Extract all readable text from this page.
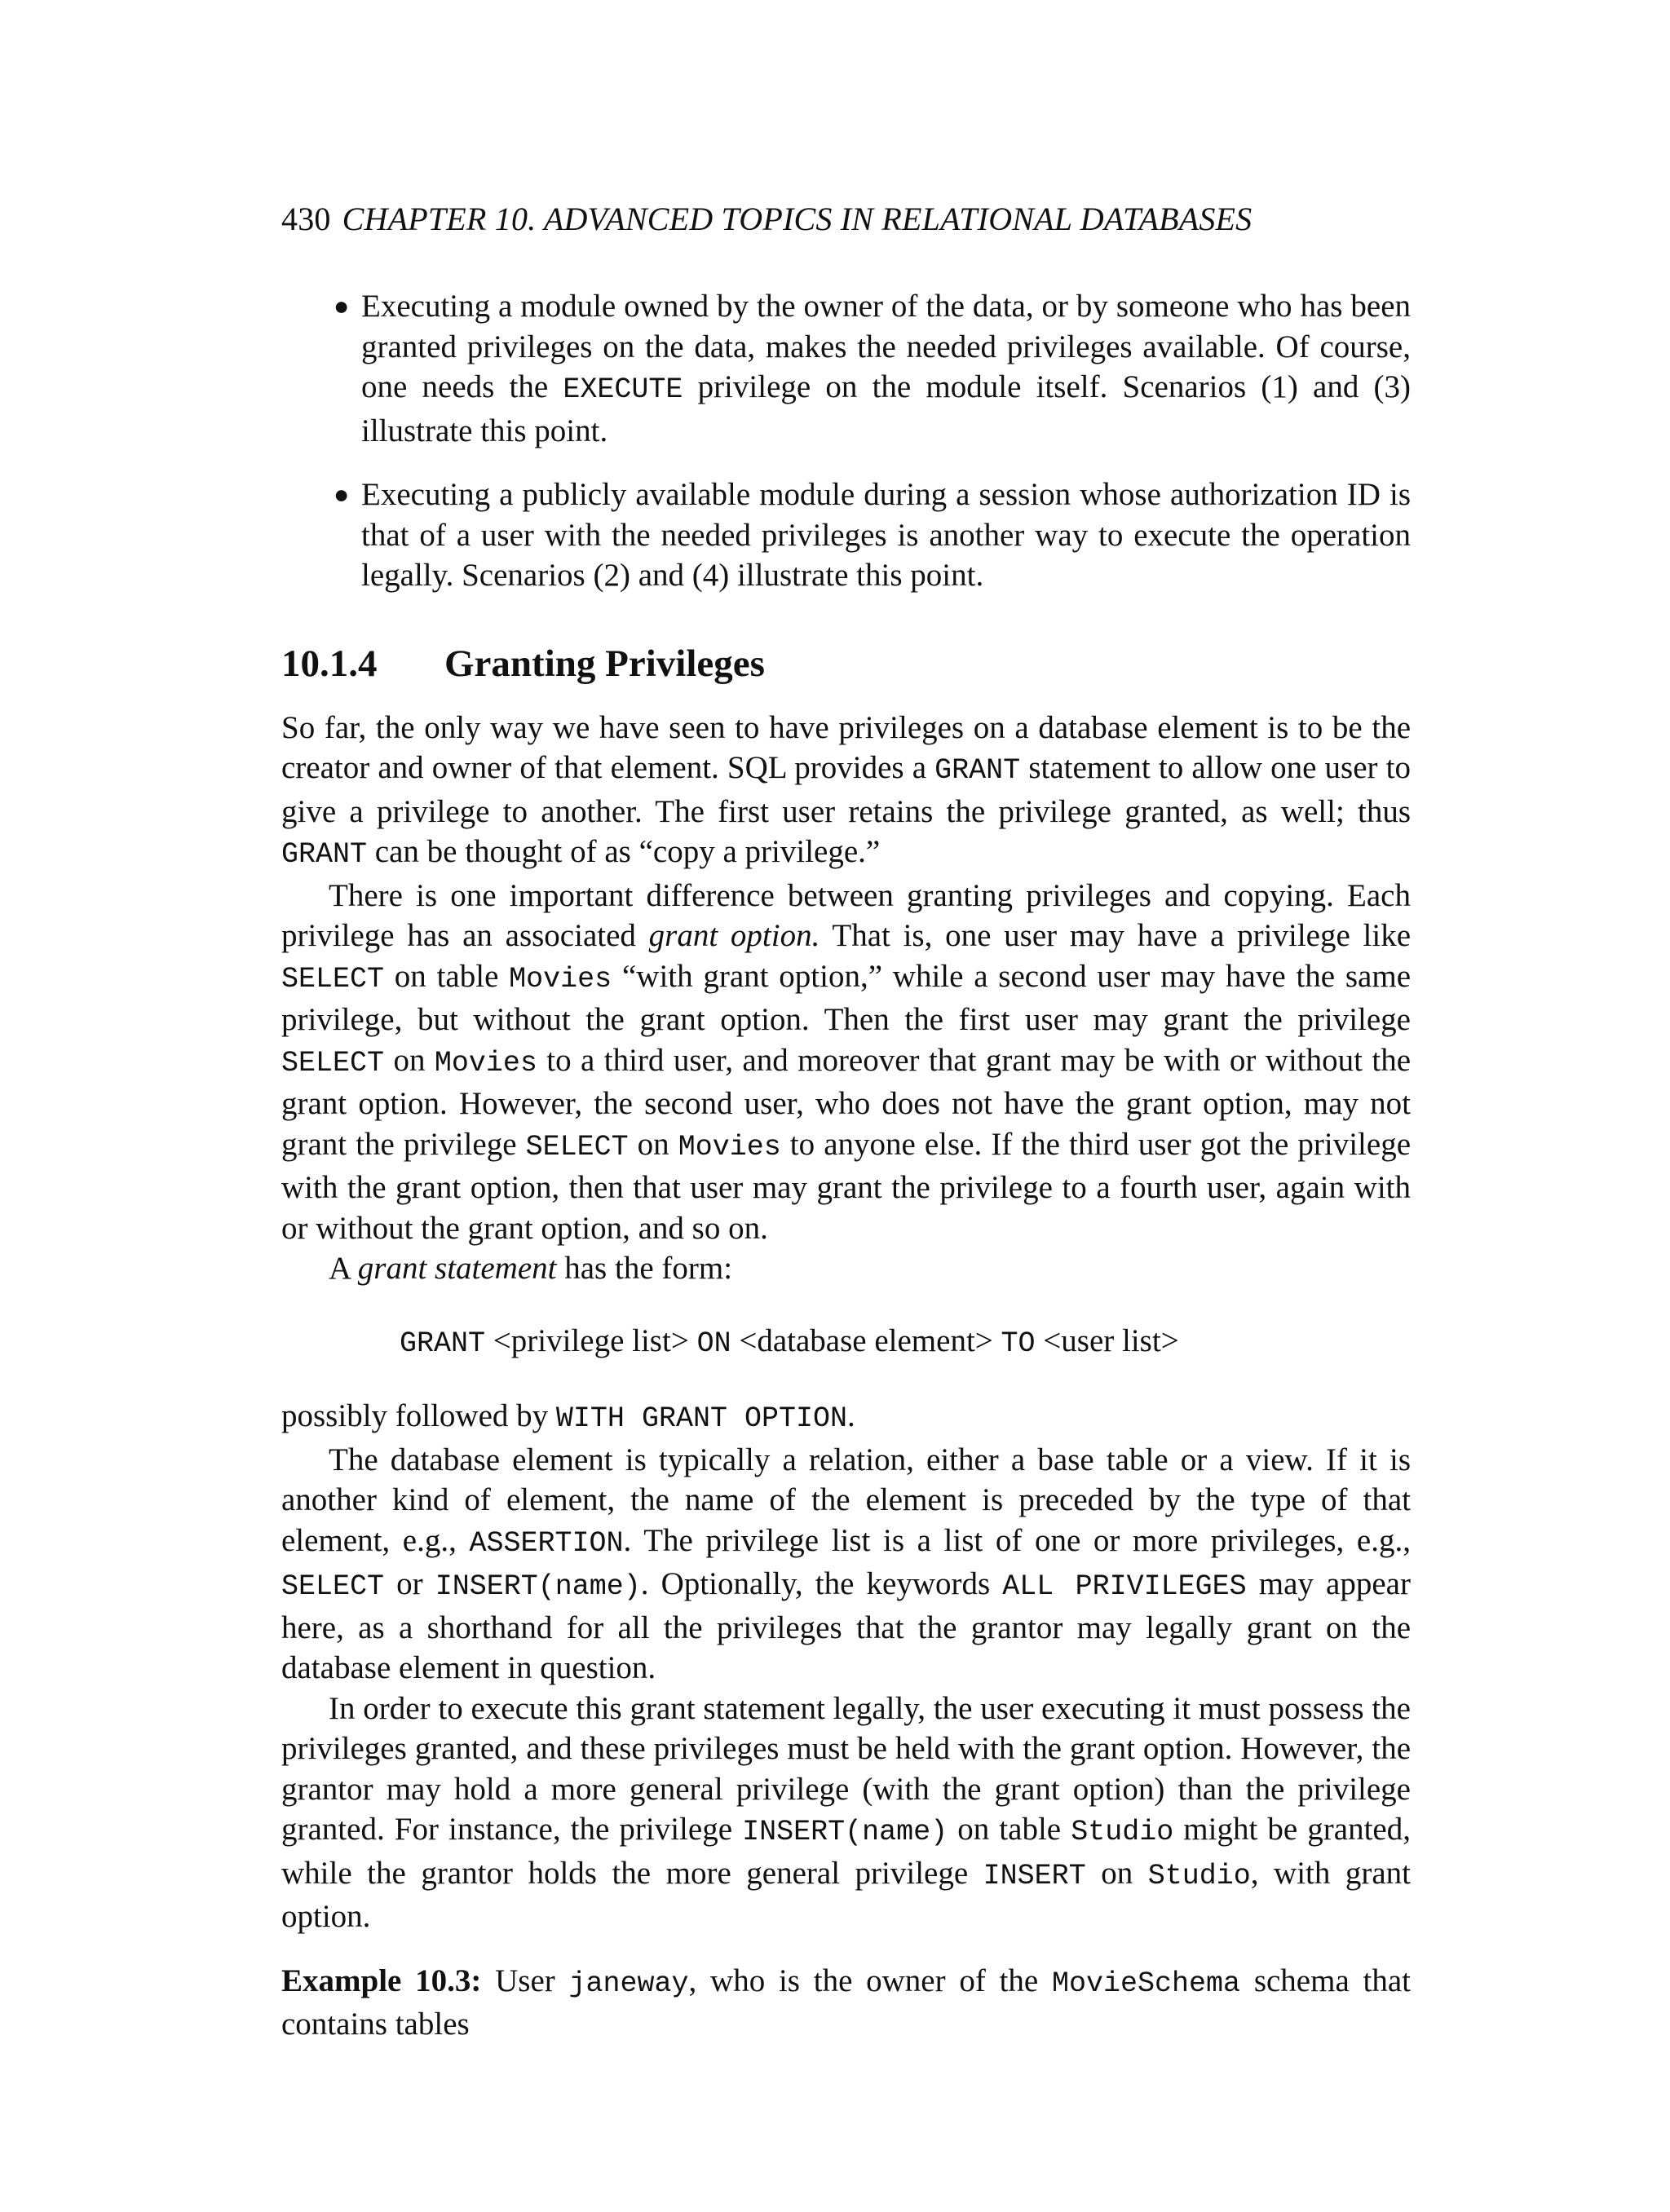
430 CHAPTER 10. ADVANCED TOPICS IN RELATIONAL DATABASES
● Executing a module owned by the owner of the data, or by someone who has been granted privileges on the data, makes the needed privileges available. Of course, one needs the EXECUTE privilege on the module itself. Scenarios (1) and (3) illustrate this point.
● Executing a publicly available module during a session whose authorization ID is that of a user with the needed privileges is another way to execute the operation legally. Scenarios (2) and (4) illustrate this point.
10.1.4 Granting Privileges

So far, the only way we have seen to have privileges on a database element is to be the creator and owner of that element. SQL provides a GRANT statement to allow one user to give a privilege to another. The first user retains the privilege granted, as well; thus GRANT can be thought of as “copy a privilege.”

There is one important difference between granting privileges and copying. Each privilege has an associated grant option. That is, one user may have a privilege like SELECT on table Movies “with grant option,” while a second user may have the same privilege, but without the grant option. Then the first user may grant the privilege SELECT on Movies to a third user, and moreover that grant may be with or without the grant option. However, the second user, who does not have the grant option, may not grant the privilege SELECT on Movies to anyone else. If the third user got the privilege with the grant option, then that user may grant the privilege to a fourth user, again with or without the grant option, and so on.

A grant statement has the form:

GRANT <privilege list> ON <database element> TO <user list>

possibly followed by WITH GRANT OPTION.

The database element is typically a relation, either a base table or a view. If it is another kind of element, the name of the element is preceded by the type of that element, e.g., ASSERTION. The privilege list is a list of one or more privileges, e.g., SELECT or INSERT(name). Optionally, the keywords ALL PRIVILEGES may appear here, as a shorthand for all the privileges that the grantor may legally grant on the database element in question.

In order to execute this grant statement legally, the user executing it must possess the privileges granted, and these privileges must be held with the grant option. However, the grantor may hold a more general privilege (with the grant option) than the privilege granted. For instance, the privilege INSERT(name) on table Studio might be granted, while the grantor holds the more general privilege INSERT on Studio, with grant option.

Example 10.3: User janeway, who is the owner of the MovieSchema schema that contains tables
